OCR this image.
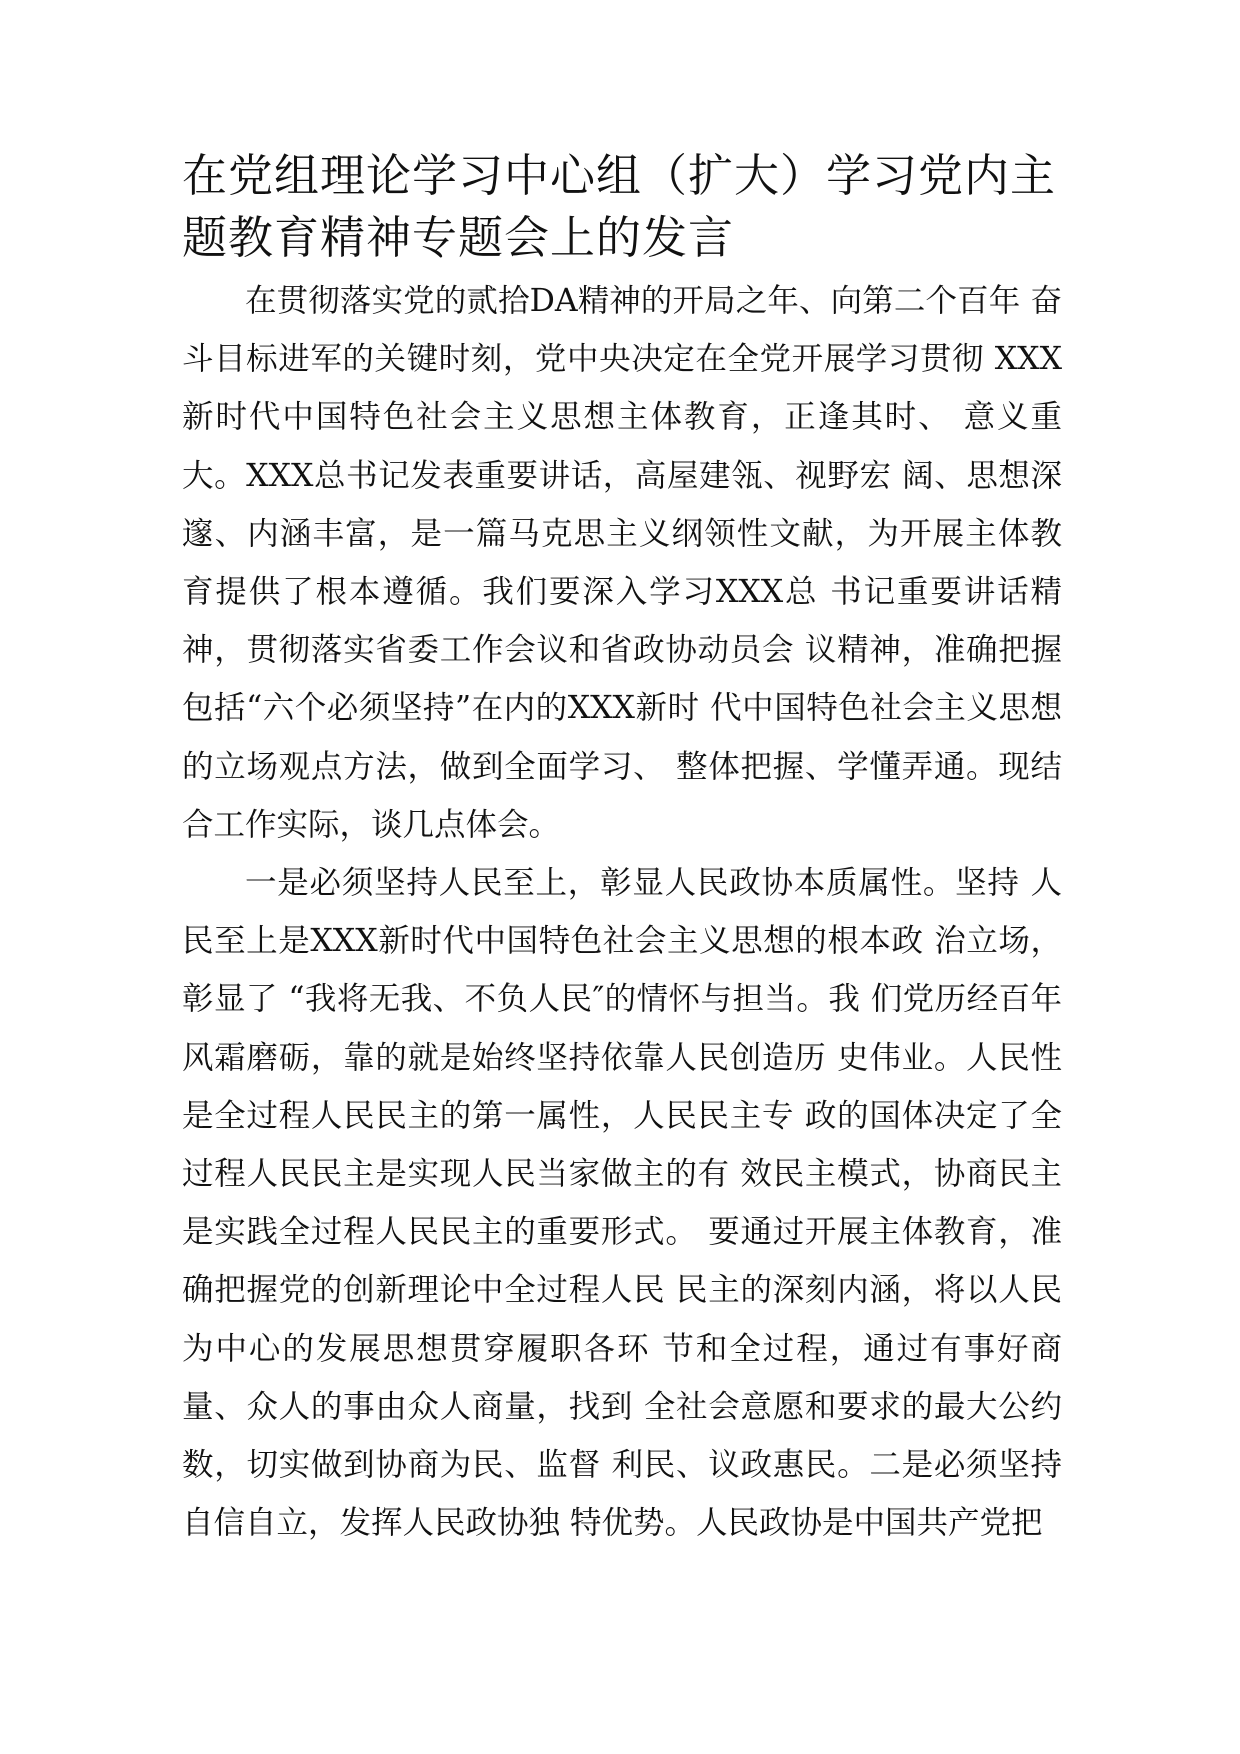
在党组理论学习中心组（扩大）学习党内主题教育精神专题会上的发言

在贯彻落实党的贰拾DA精神的开局之年、向第二个百年 奋斗目标进军的关键时刻，党中央决定在全党开展学习贯彻 XXX新时代中国特色社会主义思想主体教育，正逢其时、 意义重大。XXX总书记发表重要讲话，高屋建瓴、视野宏 阔、思想深邃、内涵丰富，是一篇马克思主义纲领性文献，为开展主体教育提供了根本遵循。我们要深入学习XXX总 书记重要讲话精神，贯彻落实省委工作会议和省政协动员会 议精神，准确把握包括“六个必须坚持”在内的XXX新时 代中国特色社会主义思想的立场观点方法，做到全面学习、 整体把握、学懂弄通。现结合工作实际，谈几点体会。

一是必须坚持人民至上，彰显人民政协本质属性。坚持 人民至上是XXX新时代中国特色社会主义思想的根本政 治立场，彰显了 “我将无我、不负人民″的情怀与担当。我 们党历经百年风霜磨砺，靠的就是始终坚持依靠人民创造历 史伟业。人民性是全过程人民民主的第一属性，人民民主专 政的国体决定了全过程人民民主是实现人民当家做主的有 效民主模式，协商民主是实践全过程人民民主的重要形式。 要通过开展主体教育，准确把握党的创新理论中全过程人民 民主的深刻内涵，将以人民为中心的发展思想贯穿履职各环 节和全过程，通过有事好商量、众人的事由众人商量，找到 全社会意愿和要求的最大公约数，切实做到协商为民、监督 利民、议政惠民。二是必须坚持自信自立，发挥人民政协独 特优势。人民政协是中国共产党把
